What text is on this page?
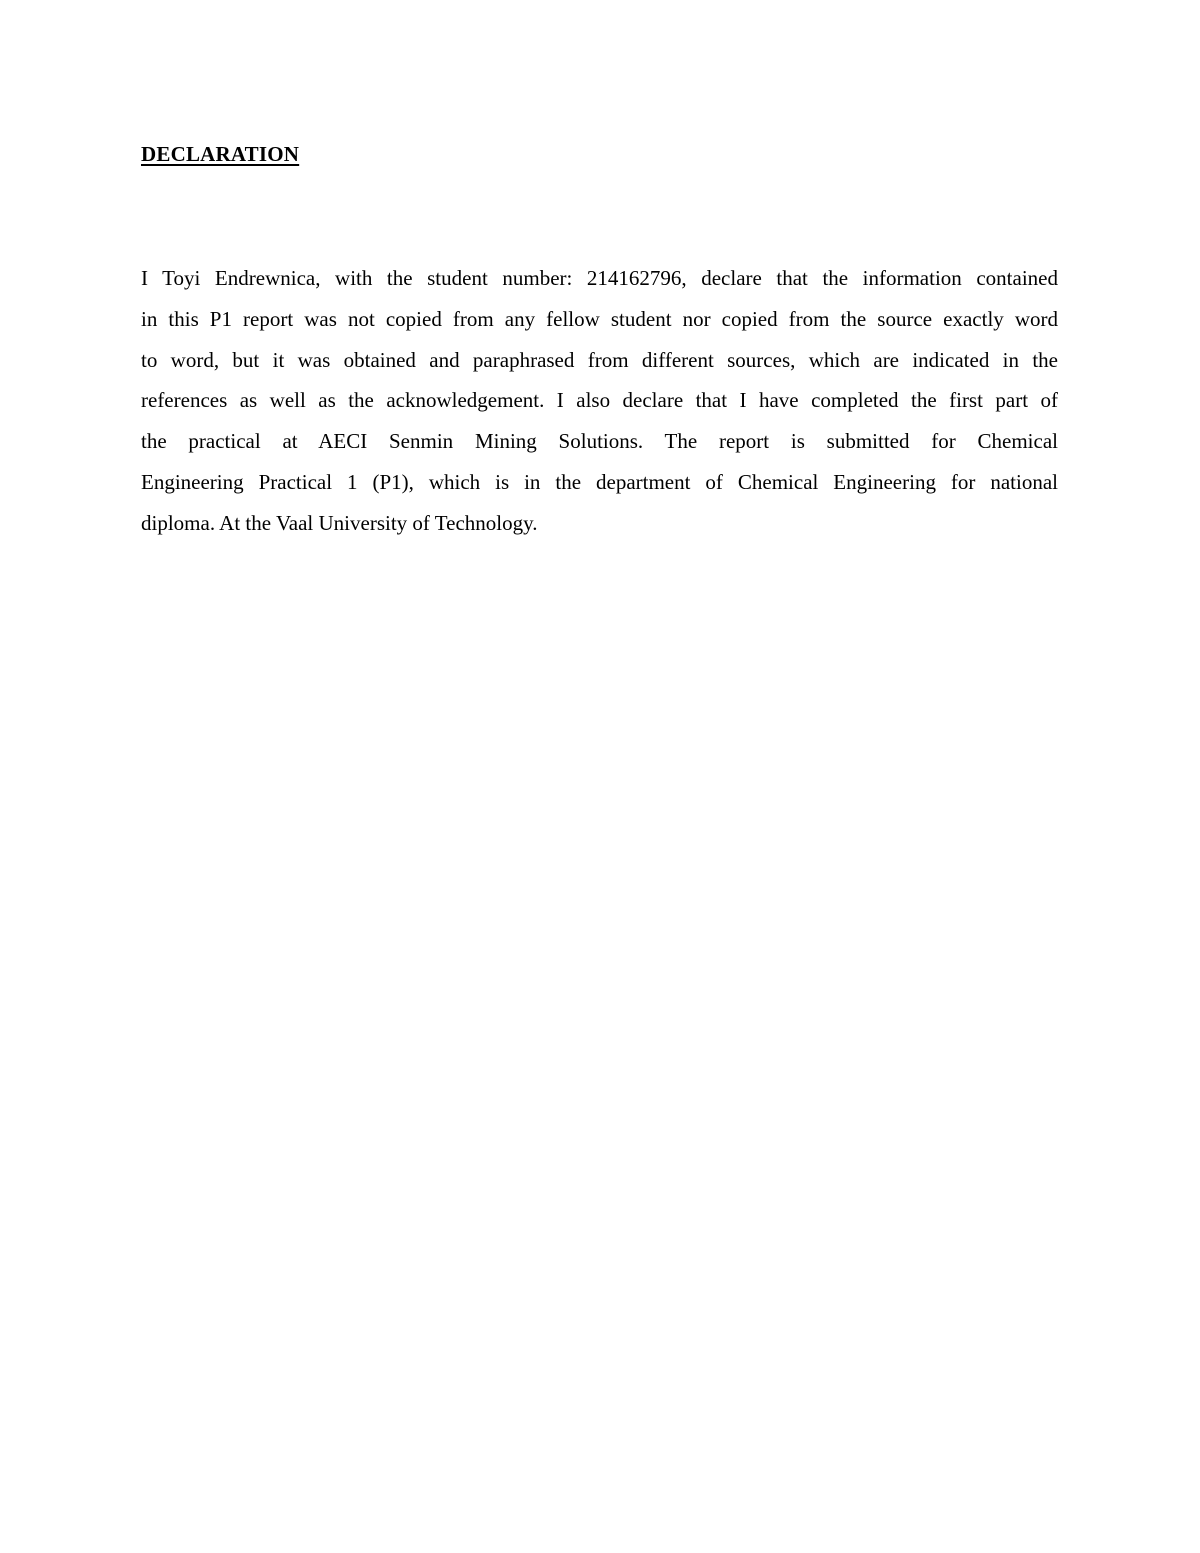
DECLARATION
I Toyi Endrewnica, with the student number: 214162796, declare that the information contained
in this P1 report was not copied from any fellow student nor copied from the source exactly word
to word, but it was obtained and paraphrased from different sources, which are indicated in the
references as well as the acknowledgement. I also declare that I have completed the first part of
the practical at AECI Senmin Mining Solutions. The report is submitted for Chemical
Engineering Practical 1 (P1), which is in the department of Chemical Engineering for national
diploma. At the Vaal University of Technology.
